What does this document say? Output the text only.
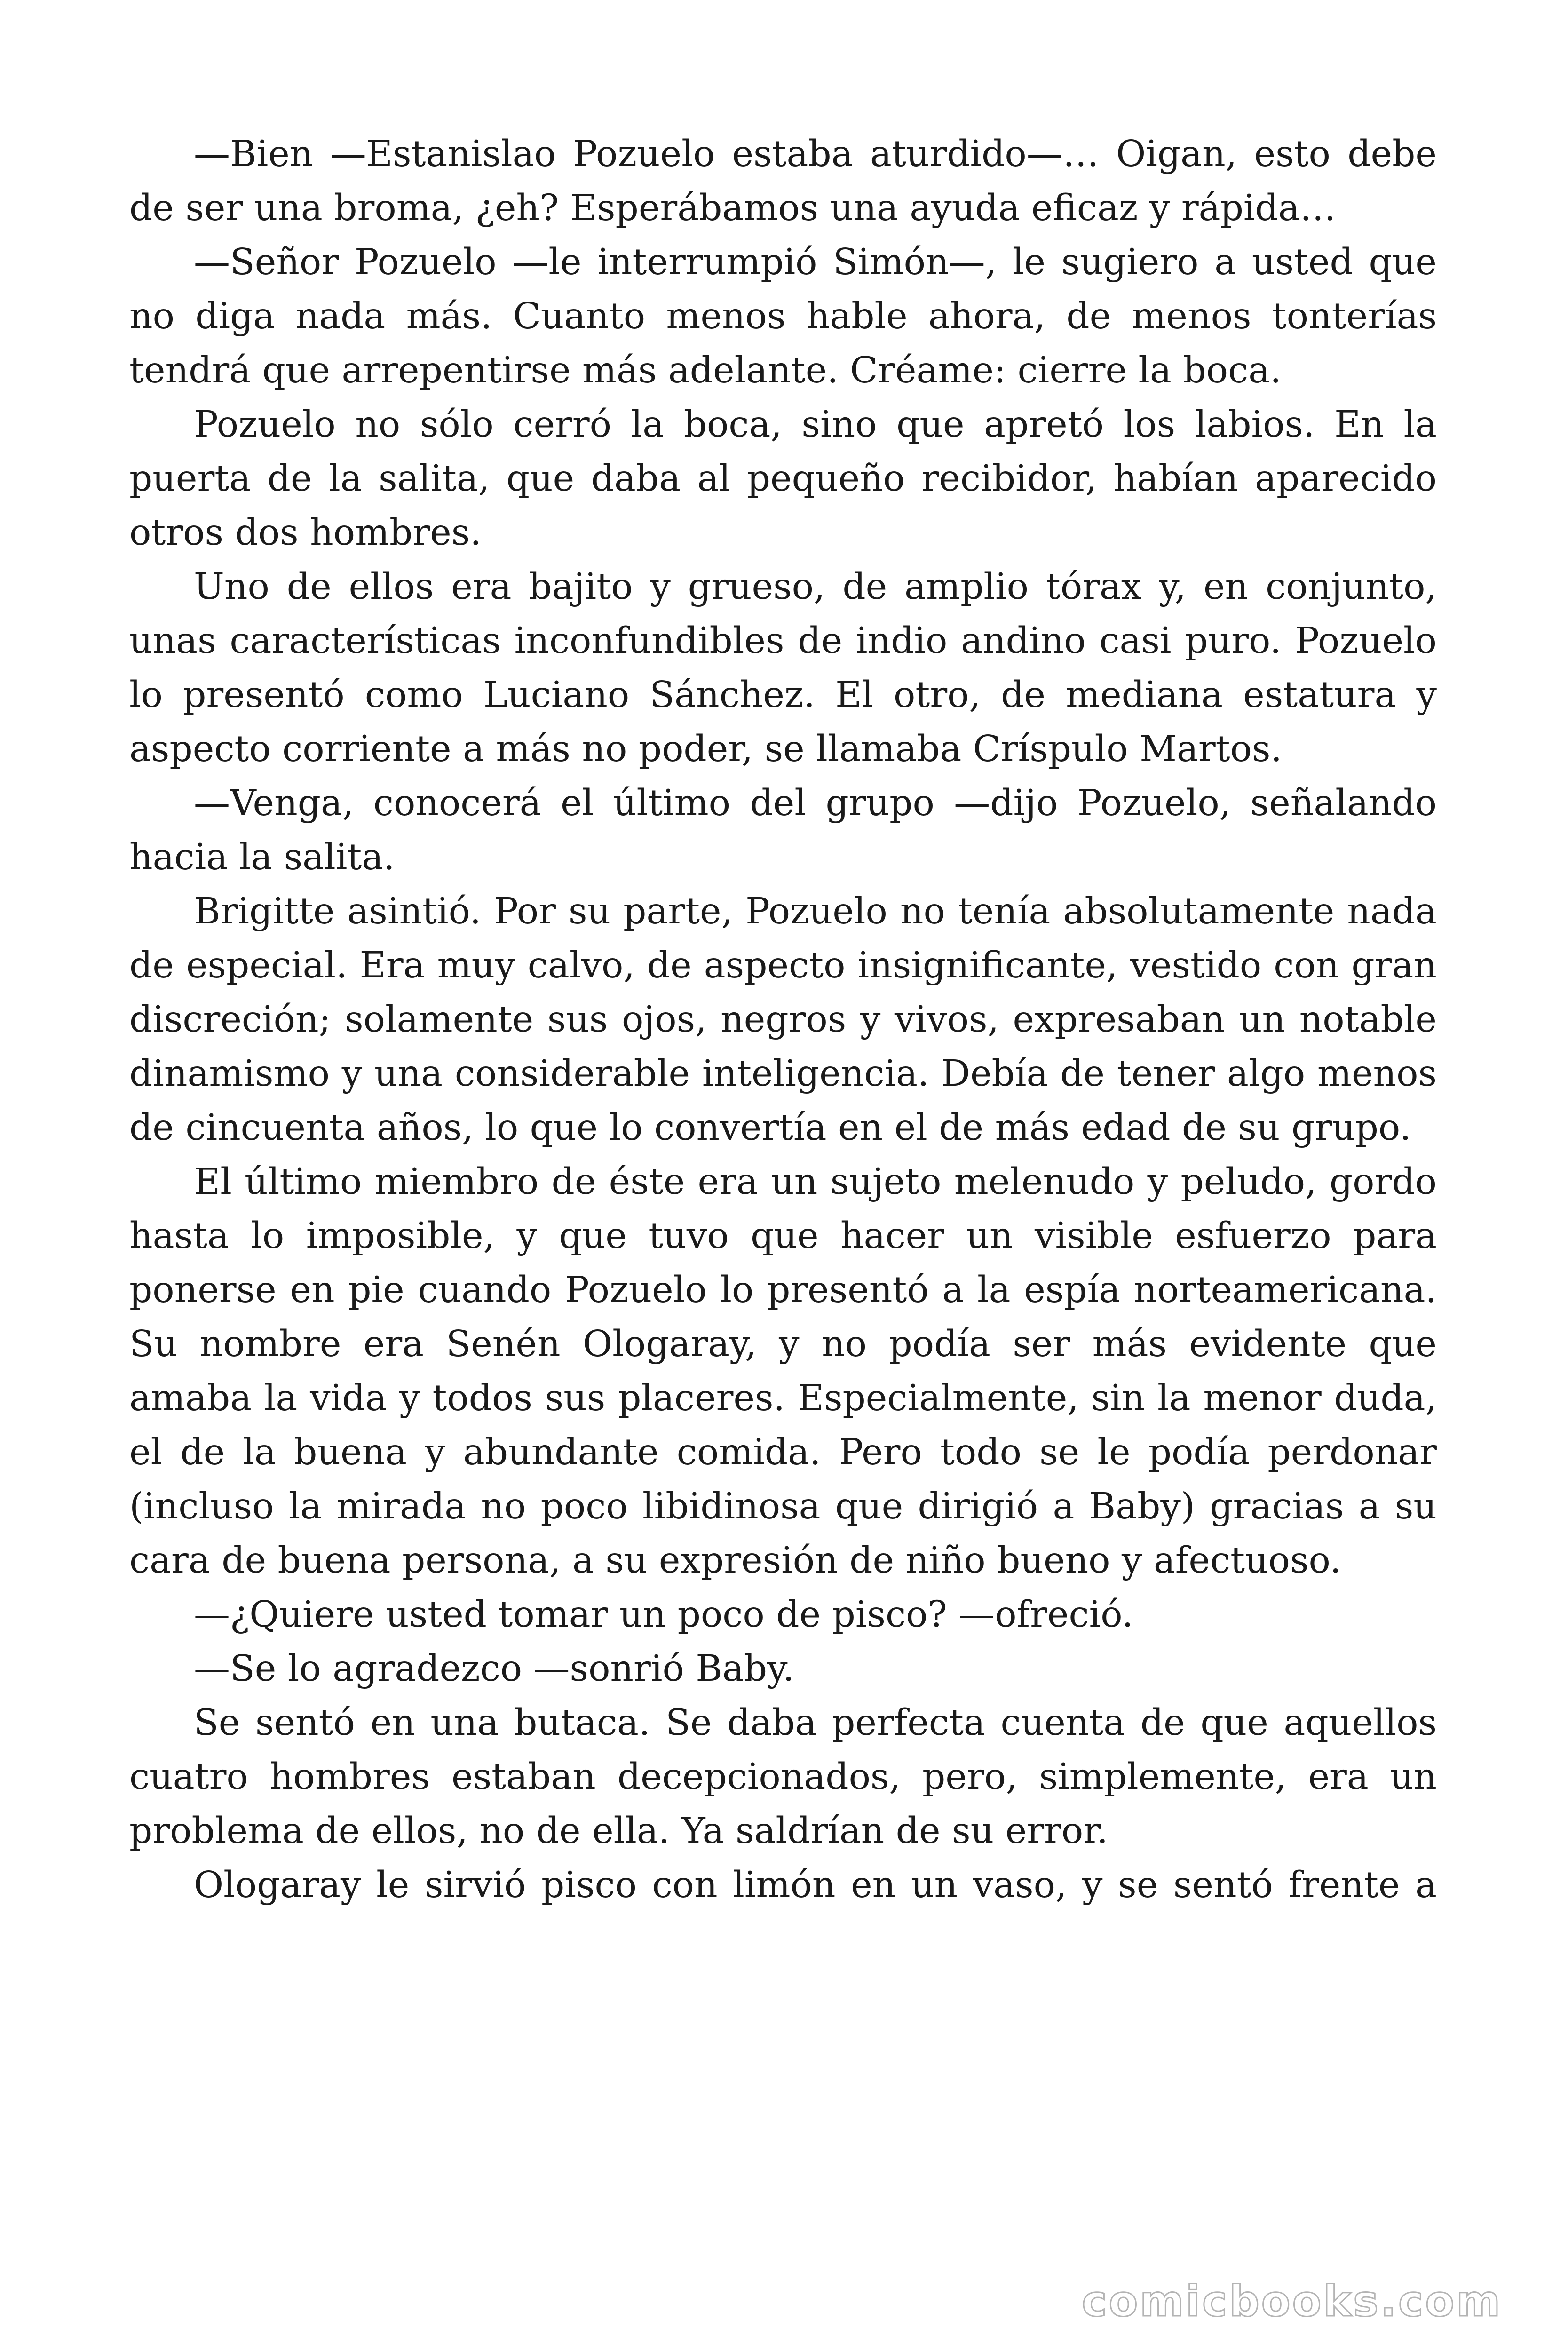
—Bien —Estanislao Pozuelo estaba aturdido—… Oigan, esto debe de ser una broma, ¿eh? Esperábamos una ayuda eficaz y rápida…

—Señor Pozuelo —le interrumpió Simón—, le sugiero a usted que no diga nada más. Cuanto menos hable ahora, de menos tonterías tendrá que arrepentirse más adelante. Créame: cierre la boca.

Pozuelo no sólo cerró la boca, sino que apretó los labios. En la puerta de la salita, que daba al pequeño recibidor, habían aparecido otros dos hombres.

Uno de ellos era bajito y grueso, de amplio tórax y, en conjunto, unas características inconfundibles de indio andino casi puro. Pozuelo lo presentó como Luciano Sánchez. El otro, de mediana estatura y aspecto corriente a más no poder, se llamaba Críspulo Martos.

—Venga, conocerá el último del grupo —dijo Pozuelo, señalando hacia la salita.

Brigitte asintió. Por su parte, Pozuelo no tenía absolutamente nada de especial. Era muy calvo, de aspecto insignificante, vestido con gran discreción; solamente sus ojos, negros y vivos, expresaban un notable dinamismo y una considerable inteligencia. Debía de tener algo menos de cincuenta años, lo que lo convertía en el de más edad de su grupo.

El último miembro de éste era un sujeto melenudo y peludo, gordo hasta lo imposible, y que tuvo que hacer un visible esfuerzo para ponerse en pie cuando Pozuelo lo presentó a la espía norteamericana. Su nombre era Senén Ologaray, y no podía ser más evidente que amaba la vida y todos sus placeres. Especialmente, sin la menor duda, el de la buena y abundante comida. Pero todo se le podía perdonar (incluso la mirada no poco libidinosa que dirigió a Baby) gracias a su cara de buena persona, a su expresión de niño bueno y afectuoso.

—¿Quiere usted tomar un poco de pisco? —ofreció.

—Se lo agradezco —sonrió Baby.

Se sentó en una butaca. Se daba perfecta cuenta de que aquellos cuatro hombres estaban decepcionados, pero, simplemente, era un problema de ellos, no de ella. Ya saldrían de su error.

Ologaray le sirvió pisco con limón en un vaso, y se sentó frente a

comicbooks.com
